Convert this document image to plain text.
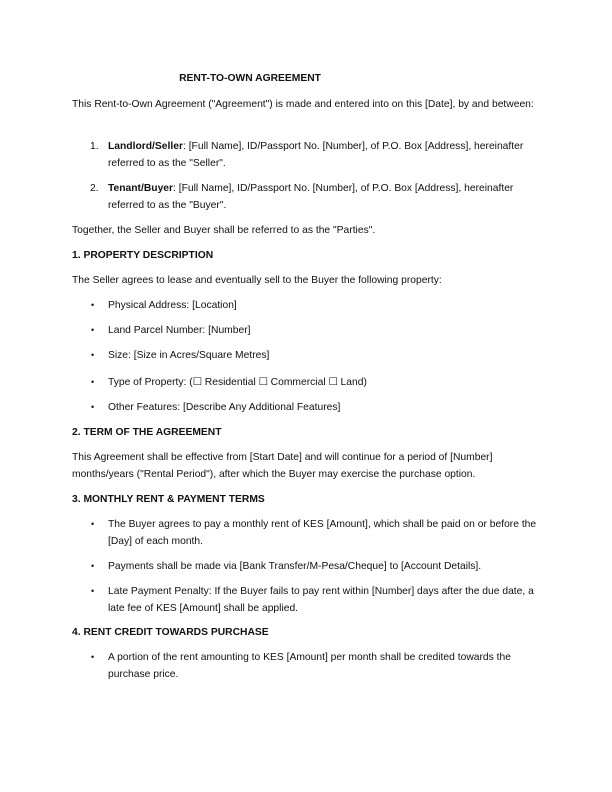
RENT-TO-OWN AGREEMENT

This Rent-to-Own Agreement ("Agreement") is made and entered into on this [Date], by and between:

1. Landlord/Seller: [Full Name], ID/Passport No. [Number], of P.O. Box [Address], hereinafter referred to as the "Seller".
2. Tenant/Buyer: [Full Name], ID/Passport No. [Number], of P.O. Box [Address], hereinafter referred to as the "Buyer".

Together, the Seller and Buyer shall be referred to as the "Parties".

1. PROPERTY DESCRIPTION

The Seller agrees to lease and eventually sell to the Buyer the following property:

• Physical Address: [Location]
• Land Parcel Number: [Number]
• Size: [Size in Acres/Square Metres]
• Type of Property: (☐ Residential ☐ Commercial ☐ Land)
• Other Features: [Describe Any Additional Features]

2. TERM OF THE AGREEMENT

This Agreement shall be effective from [Start Date] and will continue for a period of [Number] months/years ("Rental Period"), after which the Buyer may exercise the purchase option.

3. MONTHLY RENT & PAYMENT TERMS

• The Buyer agrees to pay a monthly rent of KES [Amount], which shall be paid on or before the [Day] of each month.
• Payments shall be made via [Bank Transfer/M-Pesa/Cheque] to [Account Details].
• Late Payment Penalty: If the Buyer fails to pay rent within [Number] days after the due date, a late fee of KES [Amount] shall be applied.

4. RENT CREDIT TOWARDS PURCHASE

• A portion of the rent amounting to KES [Amount] per month shall be credited towards the purchase price.
